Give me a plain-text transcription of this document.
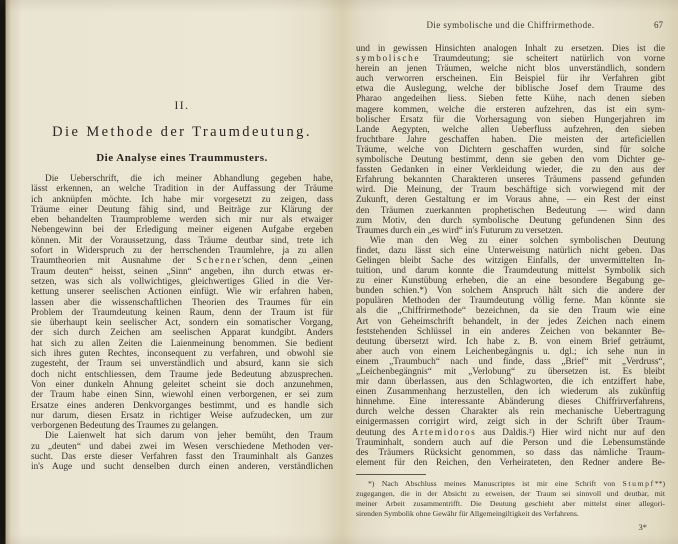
II.
Die Methode der Traumdeutung.
Die Analyse eines Traummusters.
Die Ueberschrift, die ich meiner Abhandlung gegeben habe,
lässt erkennen, an welche Tradition in der Auffassung der Träume
ich anknüpfen möchte. Ich habe mir vorgesetzt zu zeigen, dass
Träume einer Deutung fähig sind, und Beiträge zur Klärung der
eben behandelten Traumprobleme werden sich mir nur als etwaiger
Nebengewinn bei der Erledigung meiner eigenen Aufgabe ergeben
können. Mit der Voraussetzung, dass Träume deutbar sind, trete ich
sofort in Widerspruch zu der herrschenden Traumlehre, ja zu allen
Traumtheorien mit Ausnahme der Scherner'schen, denn „einen
Traum deuten“ heisst, seinen „Sinn“ angeben, ihn durch etwas er-
setzen, was sich als vollwichtiges, gleichwertiges Glied in die Ver-
kettung unserer seelischen Actionen einfügt. Wie wir erfahren haben,
lassen aber die wissenschaftlichen Theorien des Traumes für ein
Problem der Traumdeutung keinen Raum, denn der Traum ist für
sie überhaupt kein seelischer Act, sondern ein somatischer Vorgang,
der sich durch Zeichen am seelischen Apparat kundgibt. Anders
hat sich zu allen Zeiten die Laienmeinung benommen. Sie bedient
sich ihres guten Rechtes, inconsequent zu verfahren, und obwohl sie
zugesteht, der Traum sei unverständlich und absurd, kann sie sich
doch nicht entschliessen, dem Traume jede Bedeutung abzusprechen.
Von einer dunkeln Ahnung geleitet scheint sie doch anzunehmen,
der Traum habe einen Sinn, wiewohl einen verborgenen, er sei zum
Ersatze eines anderen Denkvorganges bestimmt, und es handle sich
nur darum, diesen Ersatz in richtiger Weise aufzudecken, um zur
verborgenen Bedeutung des Traumes zu gelangen.
Die Laienwelt hat sich darum von jeher bemüht, den Traum
zu „deuten“ und dabei zwei im Wesen verschiedene Methoden ver-
sucht. Das erste dieser Verfahren fasst den Trauminhalt als Ganzes
in's Auge und sucht denselben durch einen anderen, verständlichen
Die symbolische und die Chiffrirmethode.	67
und in gewissen Hinsichten analogen Inhalt zu ersetzen. Dies ist die
symbolische Traumdeutung; sie scheitert natürlich von vorne
herein an jenen Träumen, welche nicht blos unverständlich, sondern
auch verworren erscheinen. Ein Beispiel für ihr Verfahren gibt
etwa die Auslegung, welche der biblische Josef dem Traume des
Pharao angedeihen liess. Sieben fette Kühe, nach denen sieben
magere kommen, welche die ersteren aufzehren, das ist ein sym-
bolischer Ersatz für die Vorhersagung von sieben Hungerjahren im
Lande Aegypten, welche allen Ueberfluss aufzehren, den sieben
fruchtbare Jahre geschaffen haben. Die meisten der arteficiellen
Träume, welche von Dichtern geschaffen wurden, sind für solche
symbolische Deutung bestimmt, denn sie geben den vom Dichter ge-
fassten Gedanken in einer Verkleidung wieder, die zu den aus der
Erfahrung bekannten Charakteren unseres Träumens passend gefunden
wird. Die Meinung, der Traum beschäftige sich vorwiegend mit der
Zukunft, deren Gestaltung er im Voraus ahne, — ein Rest der einst
den Träumen zuerkannten prophetischen Bedeutung — wird dann
zum Motiv, den durch symbolische Deutung gefundenen Sinn des
Traumes durch ein „es wird“ in's Futurum zu versetzen.
Wie man den Weg zu einer solchen symbolischen Deutung
findet, dazu lässt sich eine Unterweisung natürlich nicht geben. Das
Gelingen bleibt Sache des witzigen Einfalls, der unvermittelten In-
tuition, und darum konnte die Traumdeutung mittelst Symbolik sich
zu einer Kunstübung erheben, die an eine besondere Begabung ge-
bunden schien.*) Von solchem Anspruch hält sich die andere der
populären Methoden der Traumdeutung völlig ferne. Man könnte sie
als die „Chiffrirmethode“ bezeichnen, da sie den Traum wie eine
Art von Geheimschrift behandelt, in der jedes Zeichen nach einem
feststehenden Schlüssel in ein anderes Zeichen von bekannter Be-
deutung übersetzt wird. Ich habe z. B. von einem Brief geträumt,
aber auch von einem Leichenbegängnis u. dgl.; ich sehe nun in
einem „Traumbuch“ nach und finde, dass „Brief“ mit „Verdruss“,
„Leichenbegängnis“ mit „Verlobung“ zu übersetzen ist. Es bleibt
mir dann überlassen, aus den Schlagworten, die ich entziffert habe,
einen Zusammenhang herzustellen, den ich wiederum als zukünftig
hinnehme. Eine interessante Abänderung dieses Chiffrirverfahrens,
durch welche dessen Charakter als rein mechanische Uebertragung
einigermassen corrigirt wird, zeigt sich in der Schrift über Traum-
deutung des Artemidoros aus Daldis.²) Hier wird nicht nur auf den
Trauminhalt, sondern auch auf die Person und die Lebensumstände
des Träumers Rücksicht genommen, so dass das nämliche Traum-
element für den Reichen, den Verheirateten, den Redner andere Be-
*) Nach Abschluss meines Manuscriptes ist mir eine Schrift von Stumpf**)
zugegangen, die in der Absicht zu erweisen, der Traum sei sinnvoll und deutbar, mit
meiner Arbeit zusammentrifft. Die Deutung geschieht aber mittelst einer allegori-
sirenden Symbolik ohne Gewähr für Allgemeingiltigkeit des Verfahrens.
3*
